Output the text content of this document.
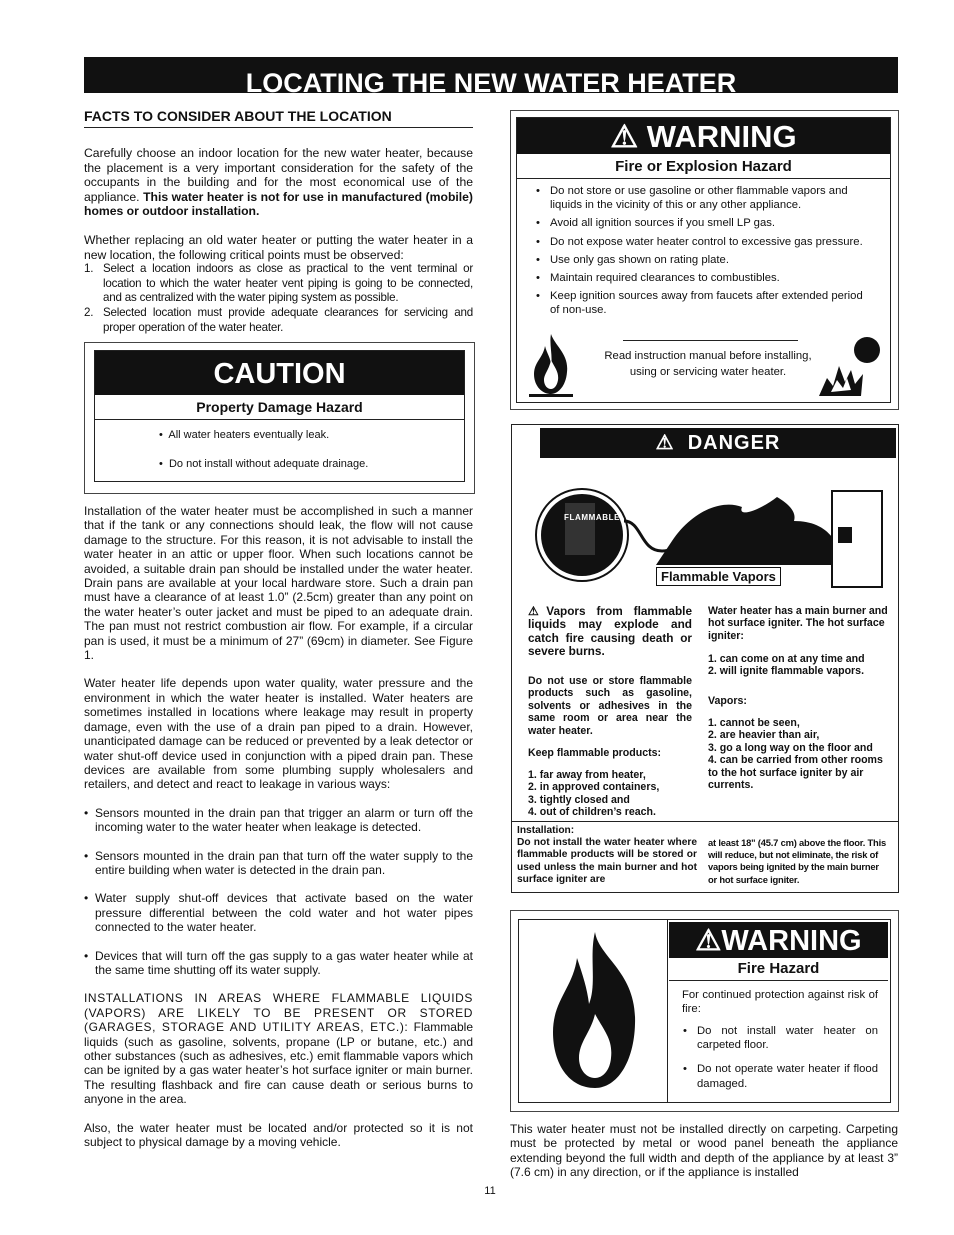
LOCATING THE NEW WATER HEATER
FACTS TO CONSIDER ABOUT THE LOCATION

Carefully choose an indoor location for the new water heater, because the placement is a very important consideration for the safety of the occupants in the building and for the most economical use of the appliance. This water heater is not for use in manufactured (mobile) homes or outdoor installation.

Whether replacing an old water heater or putting the water heater in a new location, the following critical points must be observed:

1. Select a location indoors as close as practical to the vent terminal or location to which the water heater vent piping is going to be connected, and as centralized with the water piping system as possible.
2. Selected location must provide adequate clearances for servicing and proper operation of the water heater.
CAUTION
Property Damage Hazard
•  All water heaters eventually leak.
•  Do not install without adequate drainage.

Installation of the water heater must be accomplished in such a manner that if the tank or any connections should leak, the flow will not cause damage to the structure. For this reason, it is not advisable to install the water heater in an attic or upper floor. When such locations cannot be avoided, a suitable drain pan should be installed under the water heater. Drain pans are available at your local hardware store. Such a drain pan must have a clearance of at least 1.0” (2.5cm) greater than any point on the water heater’s outer jacket and must be piped to an adequate drain. The pan must not restrict combustion air flow. For example, if a circular pan is used, it must be a minimum of 27” (69cm) in diameter. See Figure 1.

Water heater life depends upon water quality, water pressure and the environment in which the water heater is installed. Water heaters are sometimes installed in locations where leakage may result in property damage, even with the use of a drain pan piped to a drain. However, unanticipated damage can be reduced or prevented by a leak detector or water shut-off device used in conjunction with a piped drain pan. These devices are available from some plumbing supply wholesalers and retailers, and detect and react to leakage in various ways:

• Sensors mounted in the drain pan that trigger an alarm or turn off the incoming water to the water heater when leakage is detected.
• Sensors mounted in the drain pan that turn off the water supply to the entire building when water is detected in the drain pan.
• Water supply shut-off devices that activate based on the water pressure differential between the cold water and hot water pipes connected to the water heater.
• Devices that will turn off the gas supply to a gas water heater while at the same time shutting off its water supply.

INSTALLATIONS IN AREAS WHERE FLAMMABLE LIQUIDS (VAPORS) ARE LIKELY TO BE PRESENT OR STORED (GARAGES, STORAGE AND UTILITY AREAS, ETC.): Flammable liquids (such as gasoline, solvents, propane (LP or butane, etc.) and other substances (such as adhesives, etc.) emit flammable vapors which can be ignited by a gas water heater’s hot surface igniter or main burner. The resulting flashback and fire can cause death or serious burns to anyone in the area.

Also, the water heater must be located and/or protected so it is not subject to physical damage by a moving vehicle.

⚠ WARNING
Fire or Explosion Hazard
• Do not store or use gasoline or other flammable vapors and liquids in the vicinity of this or any other appliance.
• Avoid all ignition sources if you smell LP gas.
• Do not expose water heater control to excessive gas pressure.
• Use only gas shown on rating plate.
• Maintain required clearances to combustibles.
• Keep ignition sources away from faucets after extended period of non-use.
Read instruction manual before installing, using or servicing water heater.
⚠ DANGER
FLAMMABLE
Flammable Vapors
⚠Vapors from flammable liquids may explode and catch fire causing death or severe burns.
Do not use or store flammable products such as gasoline, solvents or adhesives in the same room or area near the water heater.
Keep flammable products:
1. far away from heater,
2. in approved containers,
3. tightly closed and
4. out of children’s reach.
Water heater has a main burner and hot surface igniter. The hot surface igniter:
1. can come on at any time and
2. will ignite flammable vapors.
Vapors:
1. cannot be seen,
2. are heavier than air,
3. go a long way on the floor and
4. can be carried from other rooms to the hot surface igniter by air currents.
Installation:
Do not install the water heater where flammable products will be stored or used unless the main burner and hot surface igniter are
at least 18" (45.7 cm) above the floor. This will reduce, but not eliminate, the risk of vapors being ignited by the main burner or hot surface igniter.
⚠WARNING
Fire Hazard
For continued protection against risk of fire:
• Do not install water heater on carpeted floor.
• Do not operate water heater if flood damaged.
This water heater must not be installed directly on carpeting. Carpeting must be protected by metal or wood panel beneath the appliance extending beyond the full width and depth of the appliance by at least 3” (7.6 cm) in any direction, or if the appliance is installed
11
